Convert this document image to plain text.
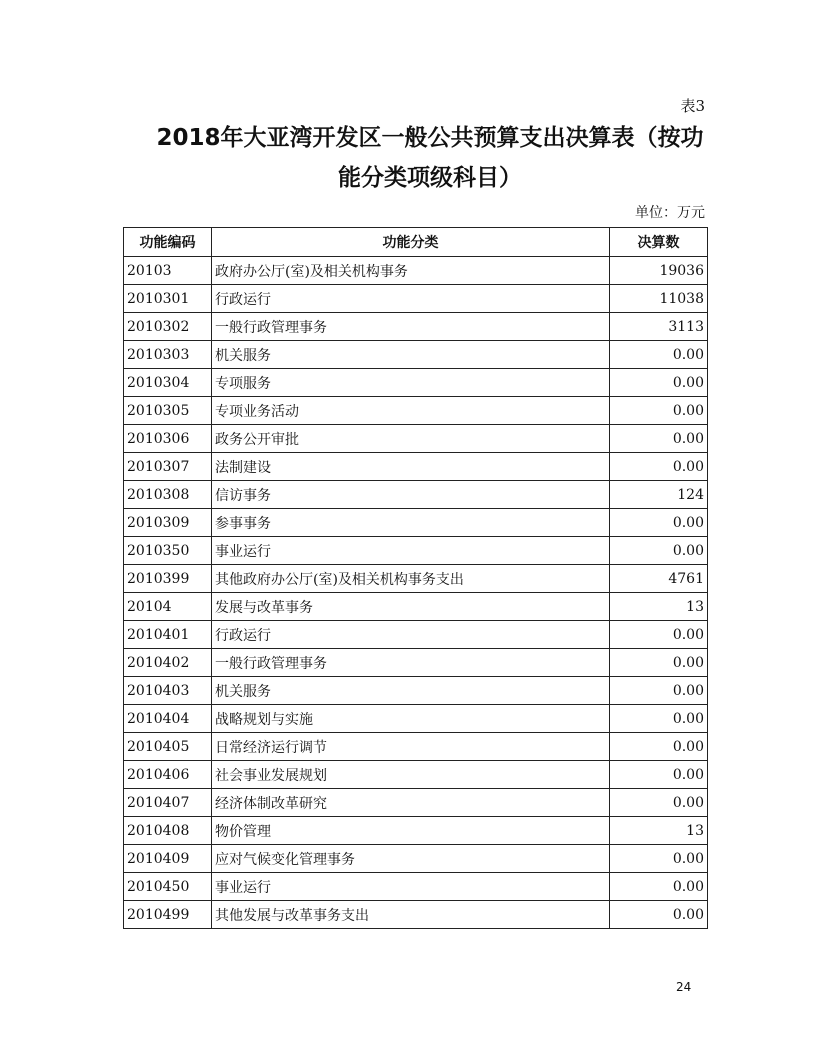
表3
2018年大亚湾开发区一般公共预算支出决算表（按功
能分类项级科目）
单位：万元
功能编码	功能分类	决算数
20103	政府办公厅(室)及相关机构事务	19036
2010301	行政运行	11038
2010302	一般行政管理事务	3113
2010303	机关服务	0.00
2010304	专项服务	0.00
2010305	专项业务活动	0.00
2010306	政务公开审批	0.00
2010307	法制建设	0.00
2010308	信访事务	124
2010309	参事事务	0.00
2010350	事业运行	0.00
2010399	其他政府办公厅(室)及相关机构事务支出	4761
20104	发展与改革事务	13
2010401	行政运行	0.00
2010402	一般行政管理事务	0.00
2010403	机关服务	0.00
2010404	战略规划与实施	0.00
2010405	日常经济运行调节	0.00
2010406	社会事业发展规划	0.00
2010407	经济体制改革研究	0.00
2010408	物价管理	13
2010409	应对气候变化管理事务	0.00
2010450	事业运行	0.00
2010499	其他发展与改革事务支出	0.00
24
